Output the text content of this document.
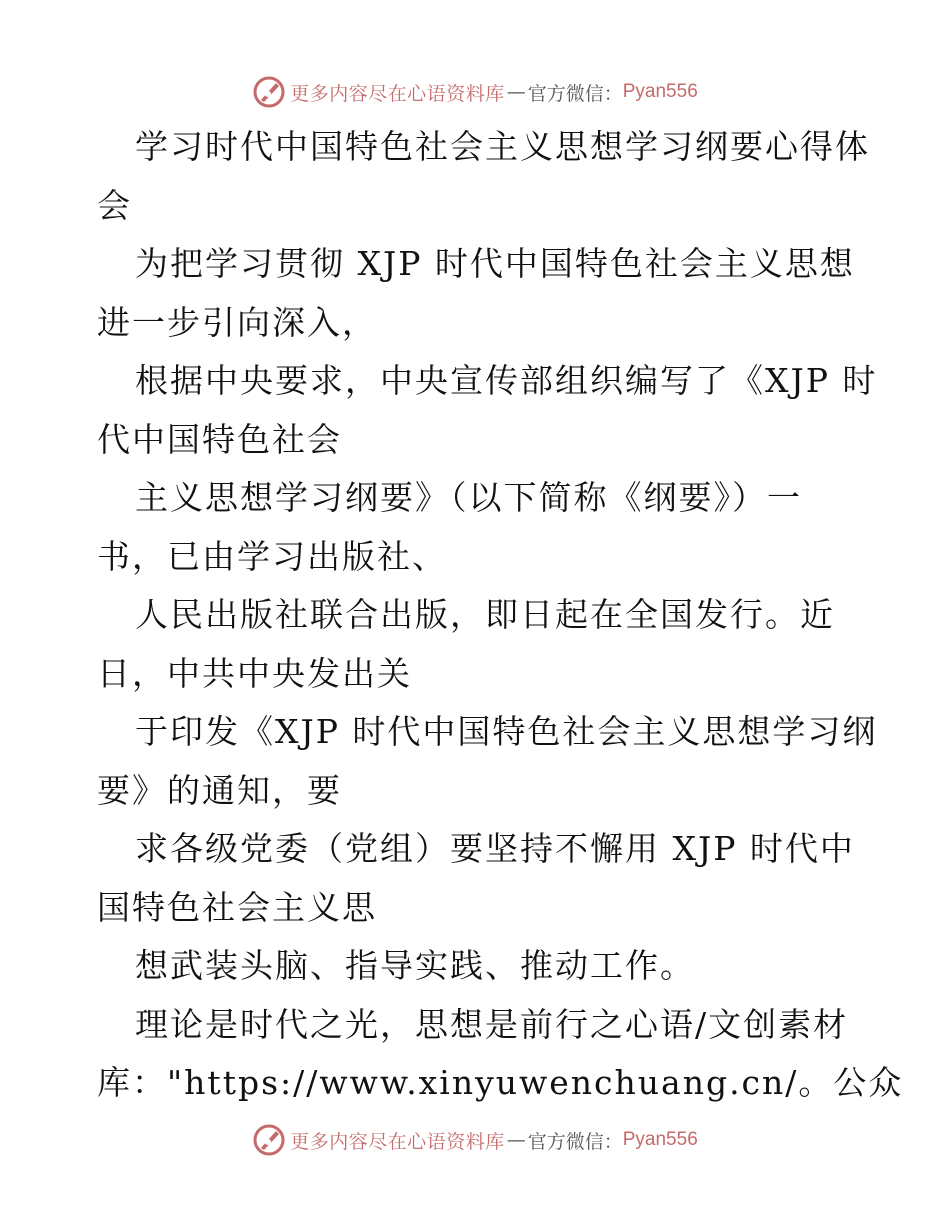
更多内容尽在心语资料库 — 官方微信： Pyan556
学习时代中国特色社会主义思想学习纲要心得体
会
为把学习贯彻 XJP 时代中国特色社会主义思想
进一步引向深入，
根据中央要求，中央宣传部组织编写了《XJP 时
代中国特色社会
主义思想学习纲要》（以下简称《纲要》）一
书，已由学习出版社、
人民出版社联合出版，即日起在全国发行。近
日，中共中央发出关
于印发《XJP 时代中国特色社会主义思想学习纲
要》的通知，要
求各级党委（党组）要坚持不懈用 XJP 时代中
国特色社会主义思
想武装头脑、指导实践、推动工作。
理论是时代之光，思想是前行之心语/文创素材
库："https://www.xinyuwenchuang.cn/。公众
更多内容尽在心语资料库 — 官方微信： Pyan556
